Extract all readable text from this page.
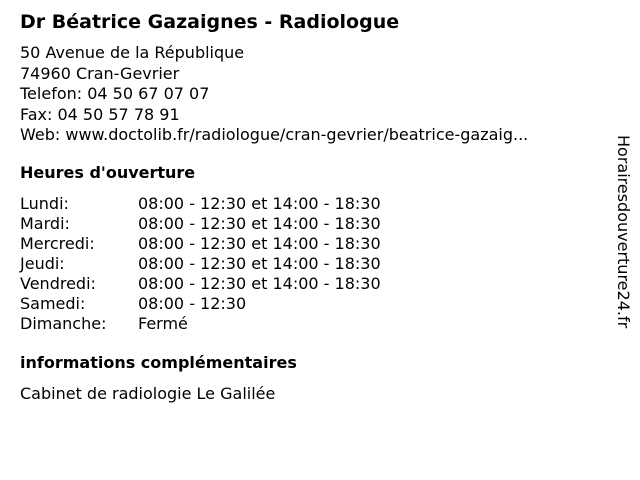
Dr Béatrice Gazaignes - Radiologue
50 Avenue de la République
74960 Cran-Gevrier
Telefon: 04 50 67 07 07
Fax: 04 50 57 78 91
Web: www.doctolib.fr/radiologue/cran-gevrier/beatrice-gazaig...
Heures d'ouverture
Lundi:	08:00 - 12:30 et 14:00 - 18:30
Mardi:	08:00 - 12:30 et 14:00 - 18:30
Mercredi:	08:00 - 12:30 et 14:00 - 18:30
Jeudi:	08:00 - 12:30 et 14:00 - 18:30
Vendredi:	08:00 - 12:30 et 14:00 - 18:30
Samedi:	08:00 - 12:30
Dimanche: Fermé
informations complémentaires
Cabinet de radiologie Le Galilée
Horairesdouverture24.fr
